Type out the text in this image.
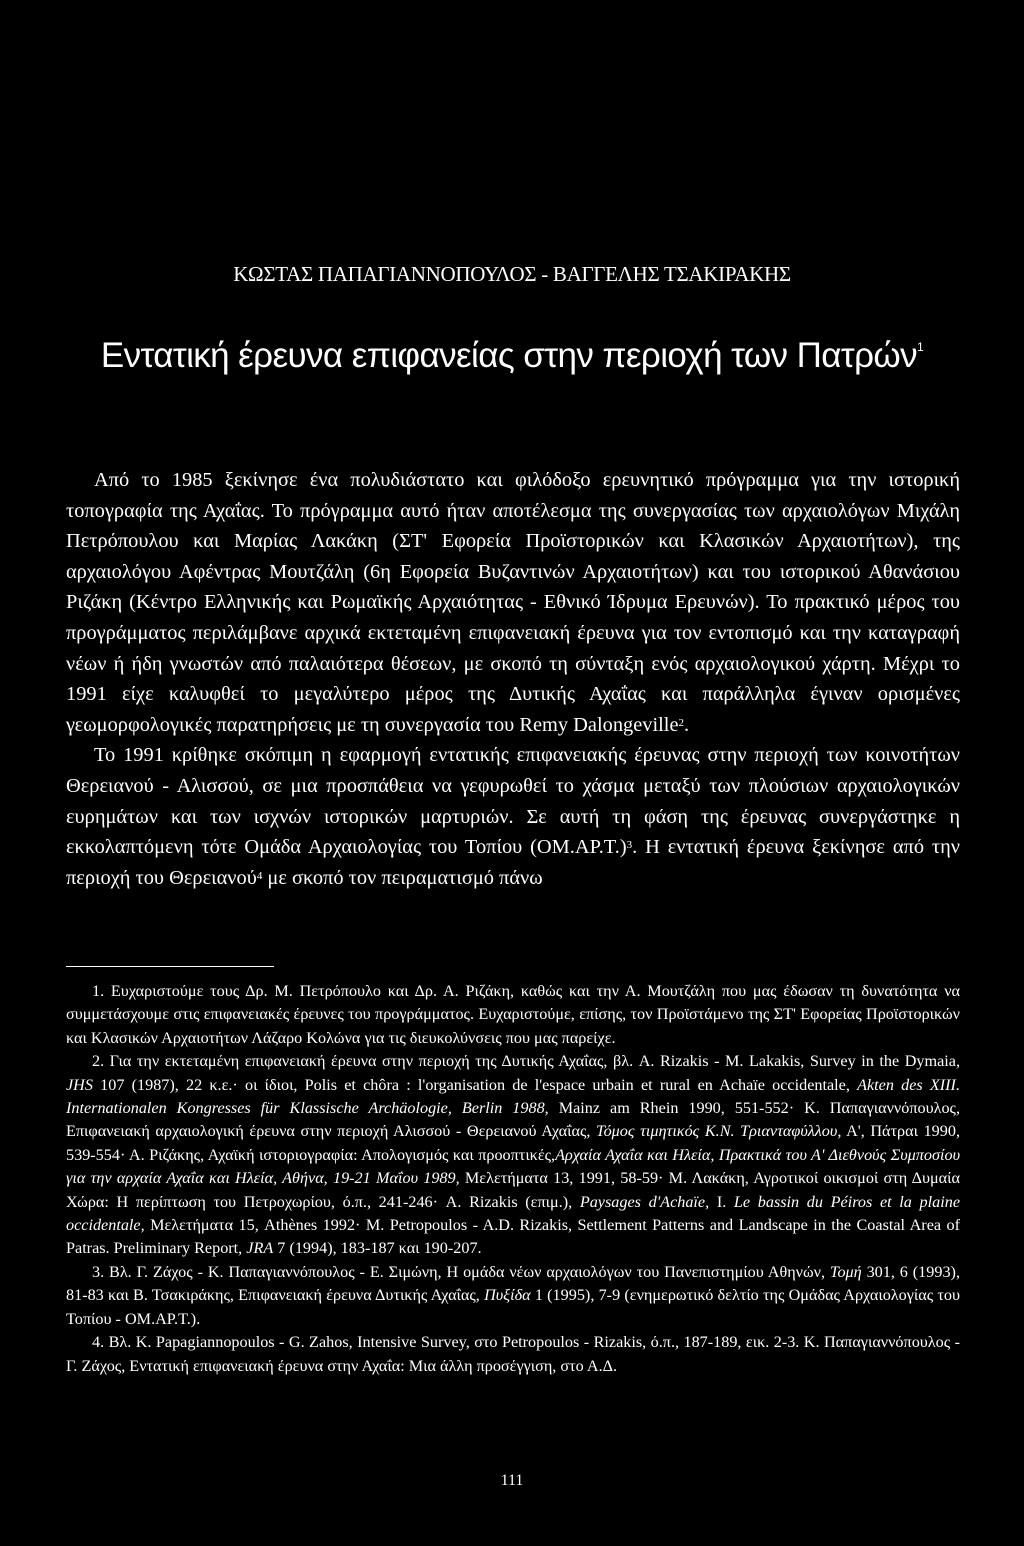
ΚΩΣΤΑΣ ΠΑΠΑΓΙΑΝΝΟΠΟΥΛΟΣ - ΒΑΓΓΕΛΗΣ ΤΣΑΚΙΡΑΚΗΣ

Εντατική έρευνα επιφανείας στην περιοχή των Πατρών$^1$

Από το 1985 ξεκίνησε ένα πολυδιάστατο και φιλόδοξο ερευνητικό πρόγραμμα για την ιστορική τοπογραφία της Αχαΐας. Το πρόγραμμα αυτό ήταν αποτέλεσμα της συνεργασίας των αρχαιολόγων Μιχάλη Πετρόπουλου και Μαρίας Λακάκη (ΣΤ' Εφορεία Προϊστορικών και Κλασικών Αρχαιοτήτων), της αρχαιολόγου Αφέντρας Μουτζάλη (6η Εφορεία Βυζαντινών Αρχαιοτήτων) και του ιστορικού Αθανάσιου Ριζάκη (Κέντρο Ελληνικής και Ρωμαϊκής Αρχαιότητας - Εθνικό Ίδρυμα Ερευνών). Το πρακτικό μέρος του προγράμματος περιλάμβανε αρχικά εκτεταμένη επιφανειακή έρευνα για τον εντοπισμό και την καταγραφή νέων ή ήδη γνωστών από παλαιότερα θέσεων, με σκοπό τη σύνταξη ενός αρχαιολογικού χάρτη. Μέχρι το 1991 είχε καλυφθεί το μεγαλύτερο μέρος της Δυτικής Αχαΐας και παράλληλα έγιναν ορισμένες γεωμορφολογικές παρατηρήσεις με τη συνεργασία του Remy Dalongeville$^2$.

Το 1991 κρίθηκε σκόπιμη η εφαρμογή εντατικής επιφανειακής έρευνας στην περιοχή των κοινοτήτων Θερειανού - Αλισσού, σε μια προσπάθεια να γεφυρωθεί το χάσμα μεταξύ των πλούσιων αρχαιολογικών ευρημάτων και των ισχνών ιστορικών μαρτυριών. Σε αυτή τη φάση της έρευνας συνεργάστηκε η εκκολαπτόμενη τότε Ομάδα Αρχαιολογίας του Τοπίου $(OM.AP.T.)^3$. Η εντατική έρευνα ξεκίνησε από την περιοχή του Θερειανού$^4$ με σκοπό τον πειραματισμό πάνω

1. Ευχαριστούμε τους Δρ. Μ. Πετρόπουλο και Δρ. Α. Ριζάκη, καθώς και την Α. Μουτζάλη που μας έδωσαν τη δυνατότητα να συμμετάσχουμε στις επιφανειακές έρευνες του προγράμματος. Ευχαριστούμε, επίσης, τον Προϊστάμενο της ΣΤ' Εφορείας Προϊστορικών και Κλασικών Αρχαιοτήτων Λάζαρο Κολώνα για τις διευκολύνσεις που μας παρείχε.

2. Για την εκτεταμένη επιφανειακή έρευνα στην περιοχή της Δυτικής Αχαΐας, βλ. A. Rizakis - M. Lakakis, Survey in the Dymaia, JHS 107 (1987), 22 κ.ε.· οι ίδιοι, Polis et chôra : l'organisation de l'espace urbain et rural en Achaïe occidentale, Akten des XIII. Internationalen Kongresses für Klassische Archäologie, Berlin 1988, Mainz am Rhein 1990, 551-552· Κ. Παπαγιαννόπουλος, Επιφανειακή αρχαιολογική έρευνα στην περιοχή Αλισσού - Θερειανού Αχαΐας, Τόμος τιμητικός Κ.Ν. Τριανταφύλλου, Α', Πάτραι 1990, 539-554· Α. Ριζάκης, Αχαϊκή ιστοριογραφία: Απολογισμός και προοπτικές,Αρχαία Αχαΐα και Ηλεία, Πρακτικά του Α' Διεθνούς Συμποσίου για την αρχαία Αχαΐα και Ηλεία, Αθήνα, 19-21 Μαΐου 1989, Μελετήματα 13, 1991, 58-59· Μ. Λακάκη, Αγροτικοί οικισμοί στη Δυμαία Χώρα: Η περίπτωση του Πετροχωρίου, ό.π., 241-246· A. Rizakis (επιμ.), Paysages d'Achaïe, I. Le bassin du Péiros et la plaine occidentale, Μελετήματα 15, Athènes 1992· M. Petropoulos - A.D. Rizakis, Settlement Patterns and Landscape in the Coastal Area of Patras. Preliminary Report, JRA 7 (1994), 183-187 και 190-207.

3. Βλ. Γ. Ζάχος - Κ. Παπαγιαννόπουλος - Ε. Σιμώνη, Η ομάδα νέων αρχαιολόγων του Πανεπιστημίου Αθηνών, Τομή 301, 6 (1993), 81-83 και Β. Τσακιράκης, Επιφανειακή έρευνα Δυτικής Αχαΐας, Πυξίδα 1 (1995), 7-9 (ενημερωτικό δελτίο της Ομάδας Αρχαιολογίας του Τοπίου - ΟΜ.ΑΡ.Τ.).

4. Βλ. K. Papagiannopoulos - G. Zahos, Intensive Survey, στο Petropoulos - Rizakis, ό.π., 187-189, εικ. 2-3. Κ. Παπαγιαννόπουλος - Γ. Ζάχος, Εντατική επιφανειακή έρευνα στην Αχαΐα: Μια άλλη προσέγγιση, στο Α.Δ.

111
